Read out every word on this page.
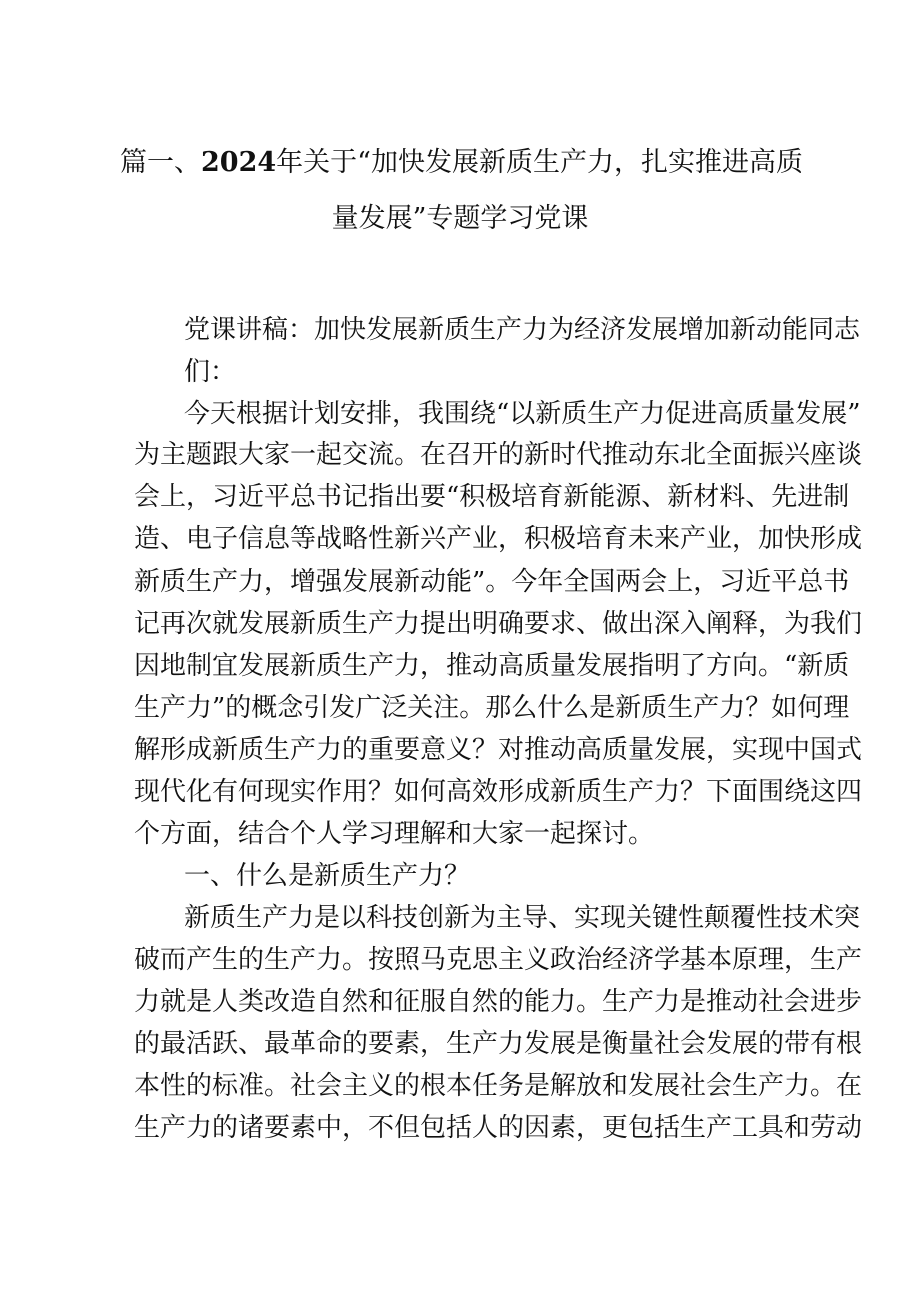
篇一、2024年关于“加快发展新质生产力，扎实推进高质
量发展”专题学习党课
党课讲稿：加快发展新质生产力为经济发展增加新动能同志
们：
今天根据计划安排，我围绕“以新质生产力促进高质量发展”
为主题跟大家一起交流。在召开的新时代推动东北全面振兴座谈
会上，习近平总书记指出要“积极培育新能源、新材料、先进制
造、电子信息等战略性新兴产业，积极培育未来产业，加快形成
新质生产力，增强发展新动能”。今年全国两会上，习近平总书
记再次就发展新质生产力提出明确要求、做出深入阐释，为我们
因地制宜发展新质生产力，推动高质量发展指明了方向。“新质
生产力”的概念引发广泛关注。那么什么是新质生产力？如何理
解形成新质生产力的重要意义？对推动高质量发展，实现中国式
现代化有何现实作用？如何高效形成新质生产力？下面围绕这四
个方面，结合个人学习理解和大家一起探讨。
一、什么是新质生产力？
新质生产力是以科技创新为主导、实现关键性颠覆性技术突
破而产生的生产力。按照马克思主义政治经济学基本原理，生产
力就是人类改造自然和征服自然的能力。生产力是推动社会进步
的最活跃、最革命的要素，生产力发展是衡量社会发展的带有根
本性的标准。社会主义的根本任务是解放和发展社会生产力。在
生产力的诸要素中，不但包括人的因素，更包括生产工具和劳动
